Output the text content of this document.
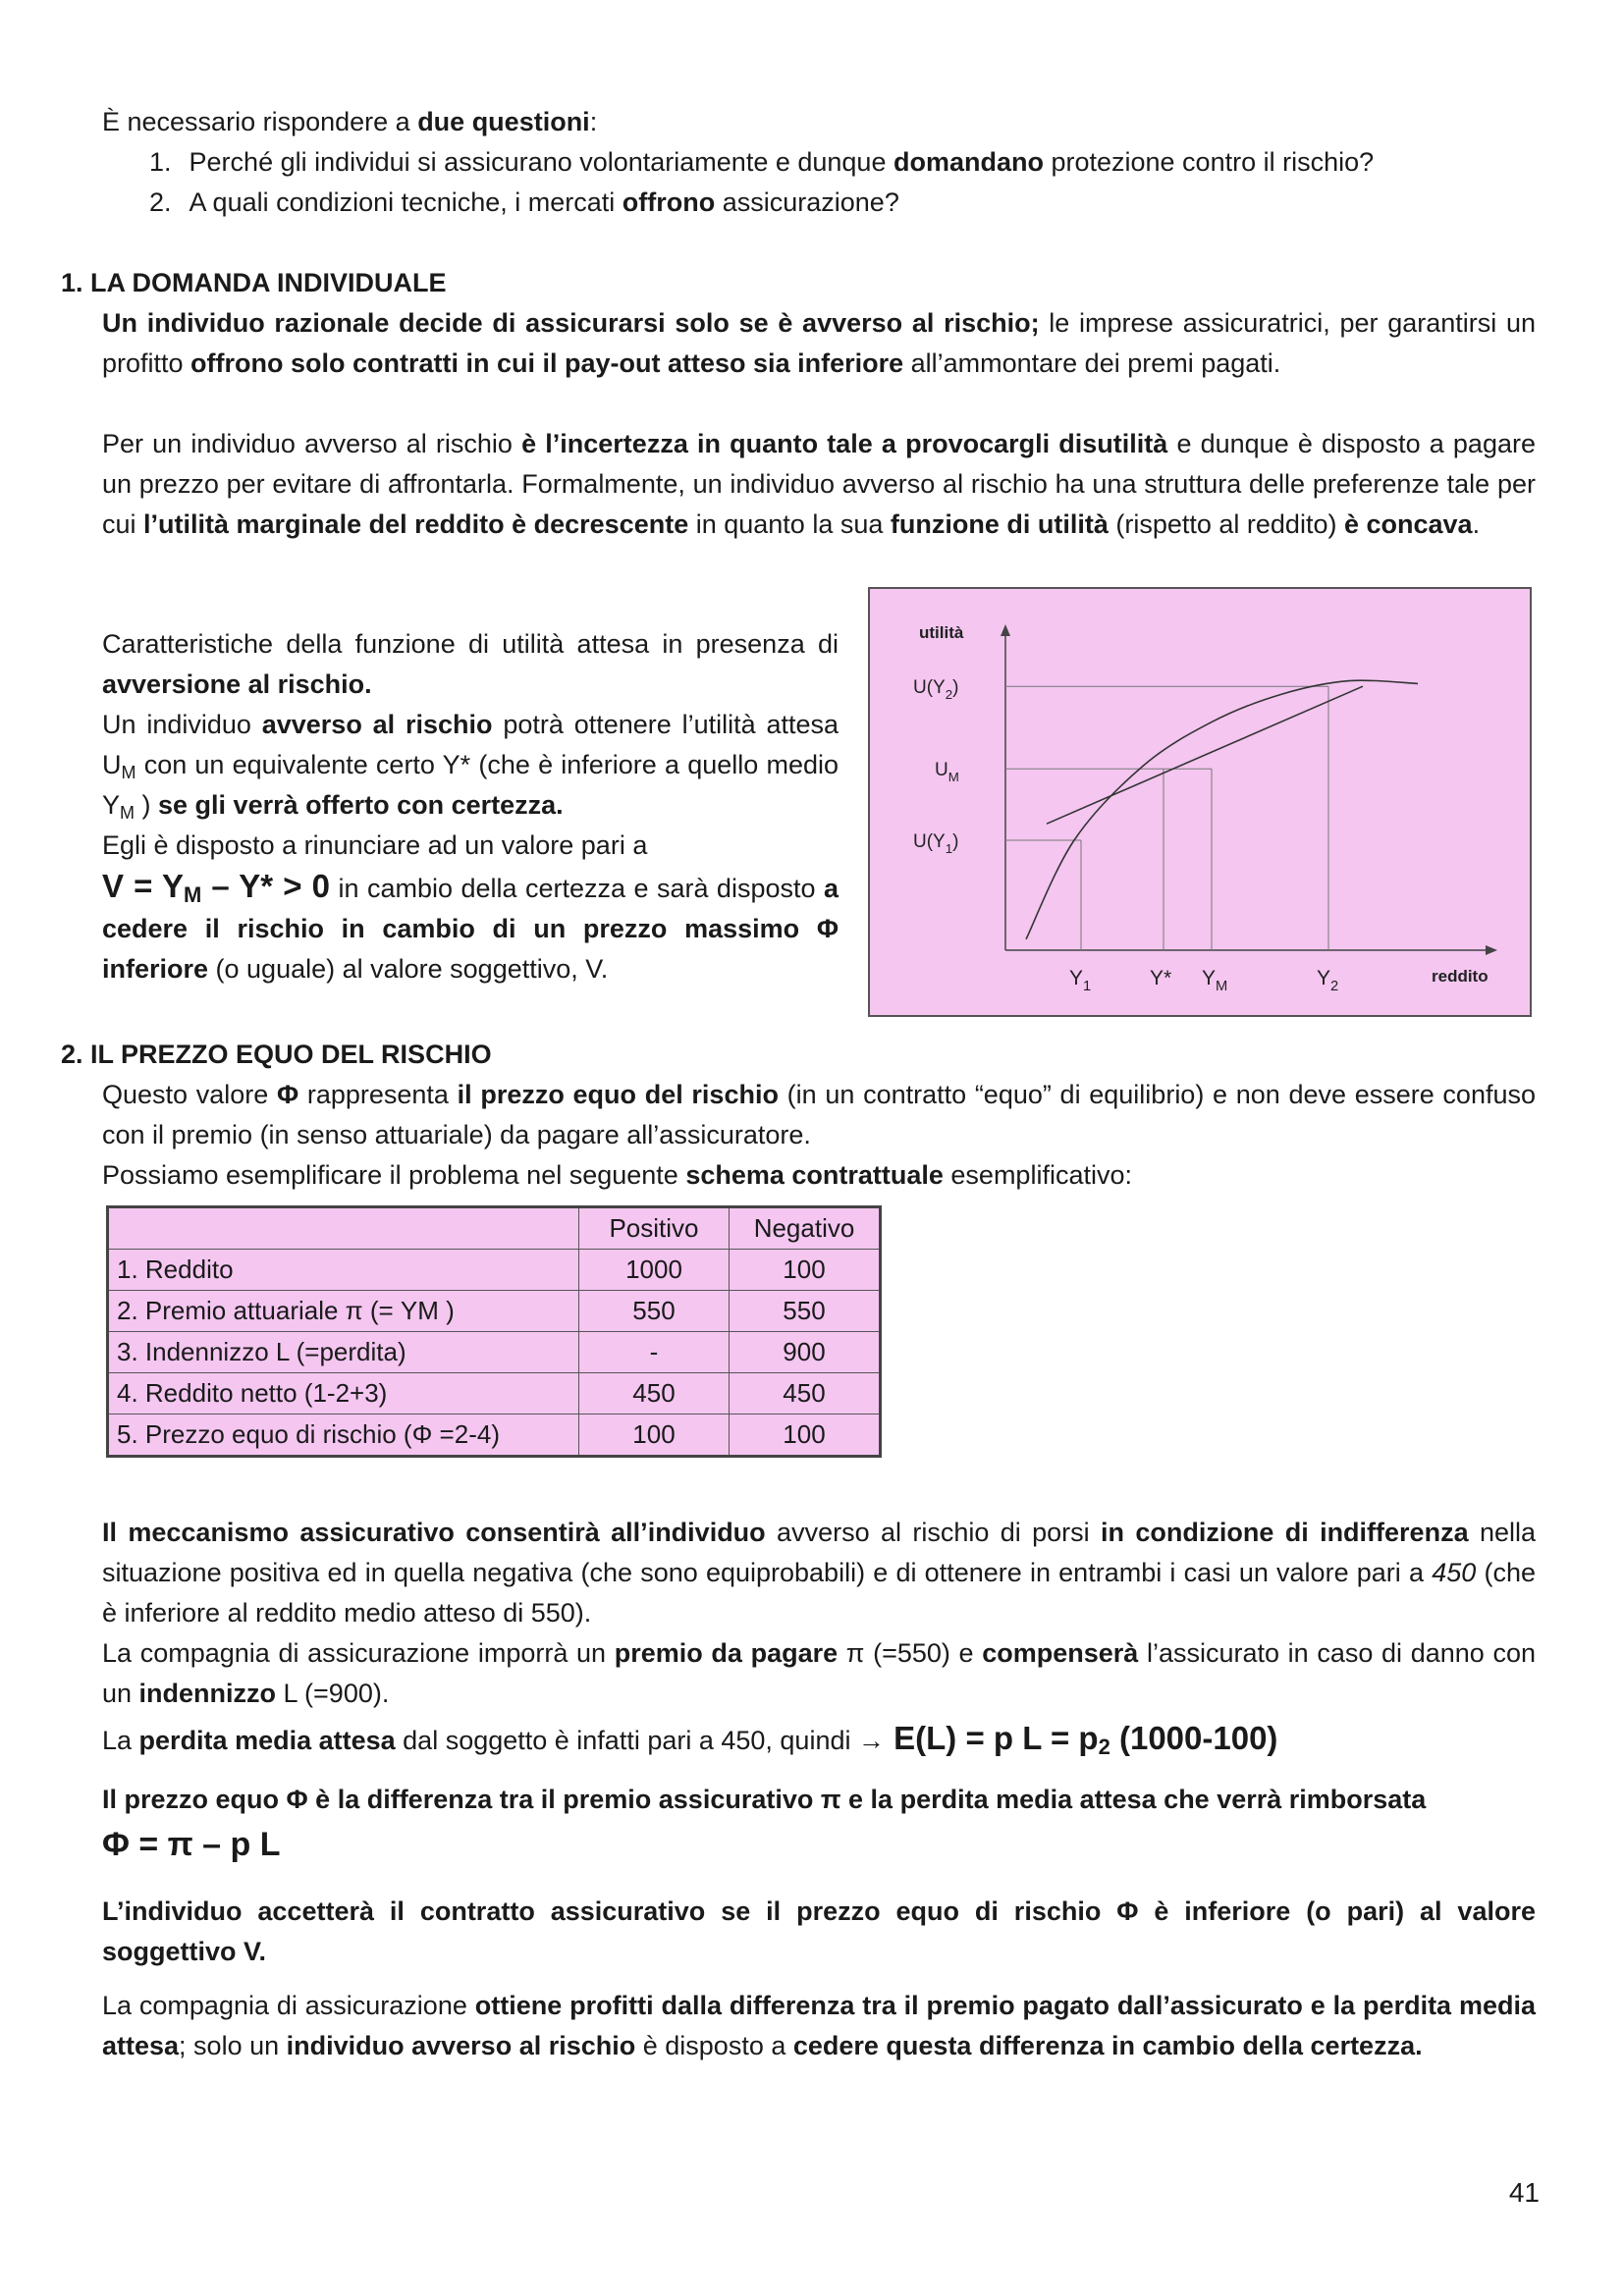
È necessario rispondere a due questioni:
1. Perché gli individui si assicurano volontariamente e dunque domandano protezione contro il rischio?
2. A quali condizioni tecniche, i mercati offrono assicurazione?
1. LA DOMANDA INDIVIDUALE
Un individuo razionale decide di assicurarsi solo se è avverso al rischio; le imprese assicuratrici, per garantirsi un profitto offrono solo contratti in cui il pay-out atteso sia inferiore all’ammontare dei premi pagati.
Per un individuo avverso al rischio è l’incertezza in quanto tale a provocargli disutilità e dunque è disposto a pagare un prezzo per evitare di affrontarla. Formalmente, un individuo avverso al rischio ha una struttura delle preferenze tale per cui l’utilità marginale del reddito è decrescente in quanto la sua funzione di utilità (rispetto al reddito) è concava.
Caratteristiche della funzione di utilità attesa in presenza di avversione al rischio.
Un individuo avverso al rischio potrà ottenere l’utilità attesa $U_M$ con un equivalente certo Y* (che è inferiore a quello medio $Y_M$ ) se gli verrà offerto con certezza.
Egli è disposto a rinunciare ad un valore pari a
$V = Y_M - Y* > 0$ in cambio della certezza e sarà disposto a cedere il rischio in cambio di un prezzo massimo Φ inferiore (o uguale) al valore soggettivo, V.
utilità
reddito
$U(Y_2)$
$U_M$
$U(Y_1)$
$Y_1$	Y* $Y_M$	$Y_2$
2. IL PREZZO EQUO DEL RISCHIO
Questo valore Φ rappresenta il prezzo equo del rischio (in un contratto “equo” di equilibrio) e non deve essere confuso con il premio (in senso attuariale) da pagare all’assicuratore.
Possiamo esemplificare il problema nel seguente schema contrattuale esemplificativo:
	Positivo	Negativo
1. Reddito	1000	100
2. Premio attuariale π (= YM )	550	550
3. Indennizzo L (=perdita)	-	900
4. Reddito netto (1-2+3)	450	450
5. Prezzo equo di rischio (Φ =2-4)	100	100
Il meccanismo assicurativo consentirà all’individuo avverso al rischio di porsi in condizione di indifferenza nella situazione positiva ed in quella negativa (che sono equiprobabili) e di ottenere in entrambi i casi un valore pari a 450 (che è inferiore al reddito medio atteso di 550).
La compagnia di assicurazione imporrà un premio da pagare π (=550) e compenserà l’assicurato in caso di danno con un indennizzo L (=900).
La perdita media attesa dal soggetto è infatti pari a 450, quindi → E(L) = p $L = p_2$ (1000-100)
Il prezzo equo Φ è la differenza tra il premio assicurativo π e la perdita media attesa che verrà rimborsata
Φ = π – p L
L’individuo accetterà il contratto assicurativo se il prezzo equo di rischio Φ è inferiore (o pari) al valore soggettivo V.
La compagnia di assicurazione ottiene profitti dalla differenza tra il premio pagato dall’assicurato e la perdita media attesa; solo un individuo avverso al rischio è disposto a cedere questa differenza in cambio della certezza.
41
